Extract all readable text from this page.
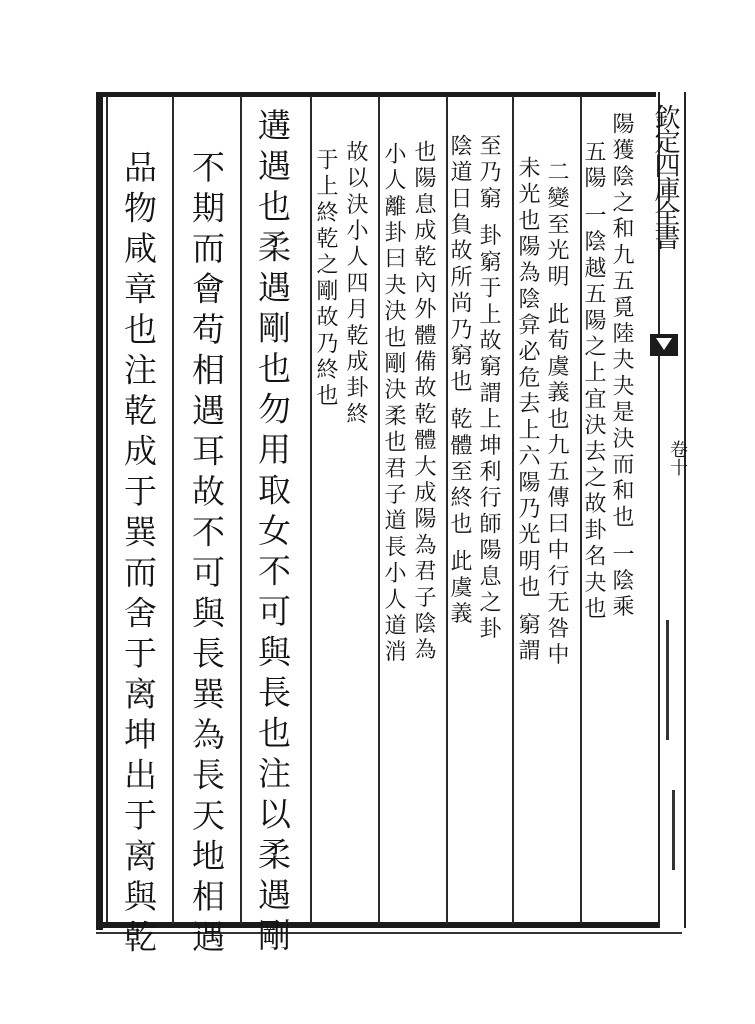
欽定四庫全書

卷十

陽獲陰之和九五覓陸夬夬是決而和也 一陰乘

五陽 一陰越五陽之上宜決去之故卦名夬也

二變至光明 此荀虞義也九五傳曰中行无咎中

未光也陽為陰弇必危去上六陽乃光明也 窮謂

至乃窮 卦窮于上故窮謂上坤利行師陽息之卦

陰道日負故所尚乃窮也 乾體至終也 此虞義

也陽息成乾內外體備故乾體大成陽為君子陰為

小人離卦曰夬決也剛決柔也君子道長小人道消

故以決小人四月乾成卦終

于上終乾之剛故乃終也

遘遇也柔遇剛也勿用取女不可與長也注以柔遇剛

不期而會苟相遇耳故不可與長巽為長天地相遇

品物咸章也注乾成于巽而舍于离坤出于离與乾
